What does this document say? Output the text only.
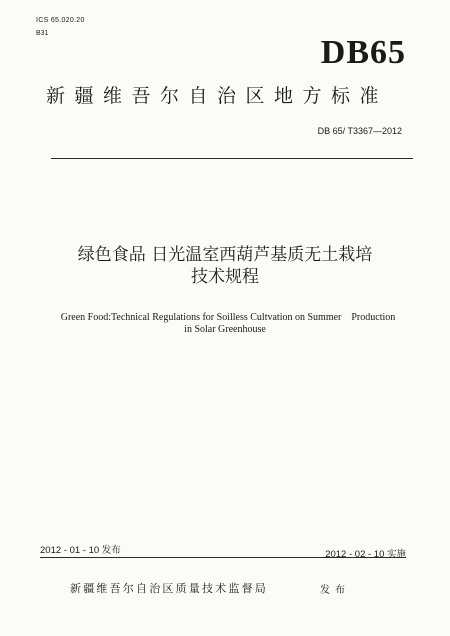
ICS 65.020.20
B31
DB65
新疆维吾尔自治区地方标准
DB 65/ T3367—2012
绿色食品 日光温室西葫芦基质无土栽培
技术规程
Green Food:Technical Regulations for Soilless Cultvation on Summer    Production
in Solar Greenhouse
2012 - 01 - 10 发布	2012 - 02 - 10 实施
新疆维吾尔自治区质量技术监督局	发布
